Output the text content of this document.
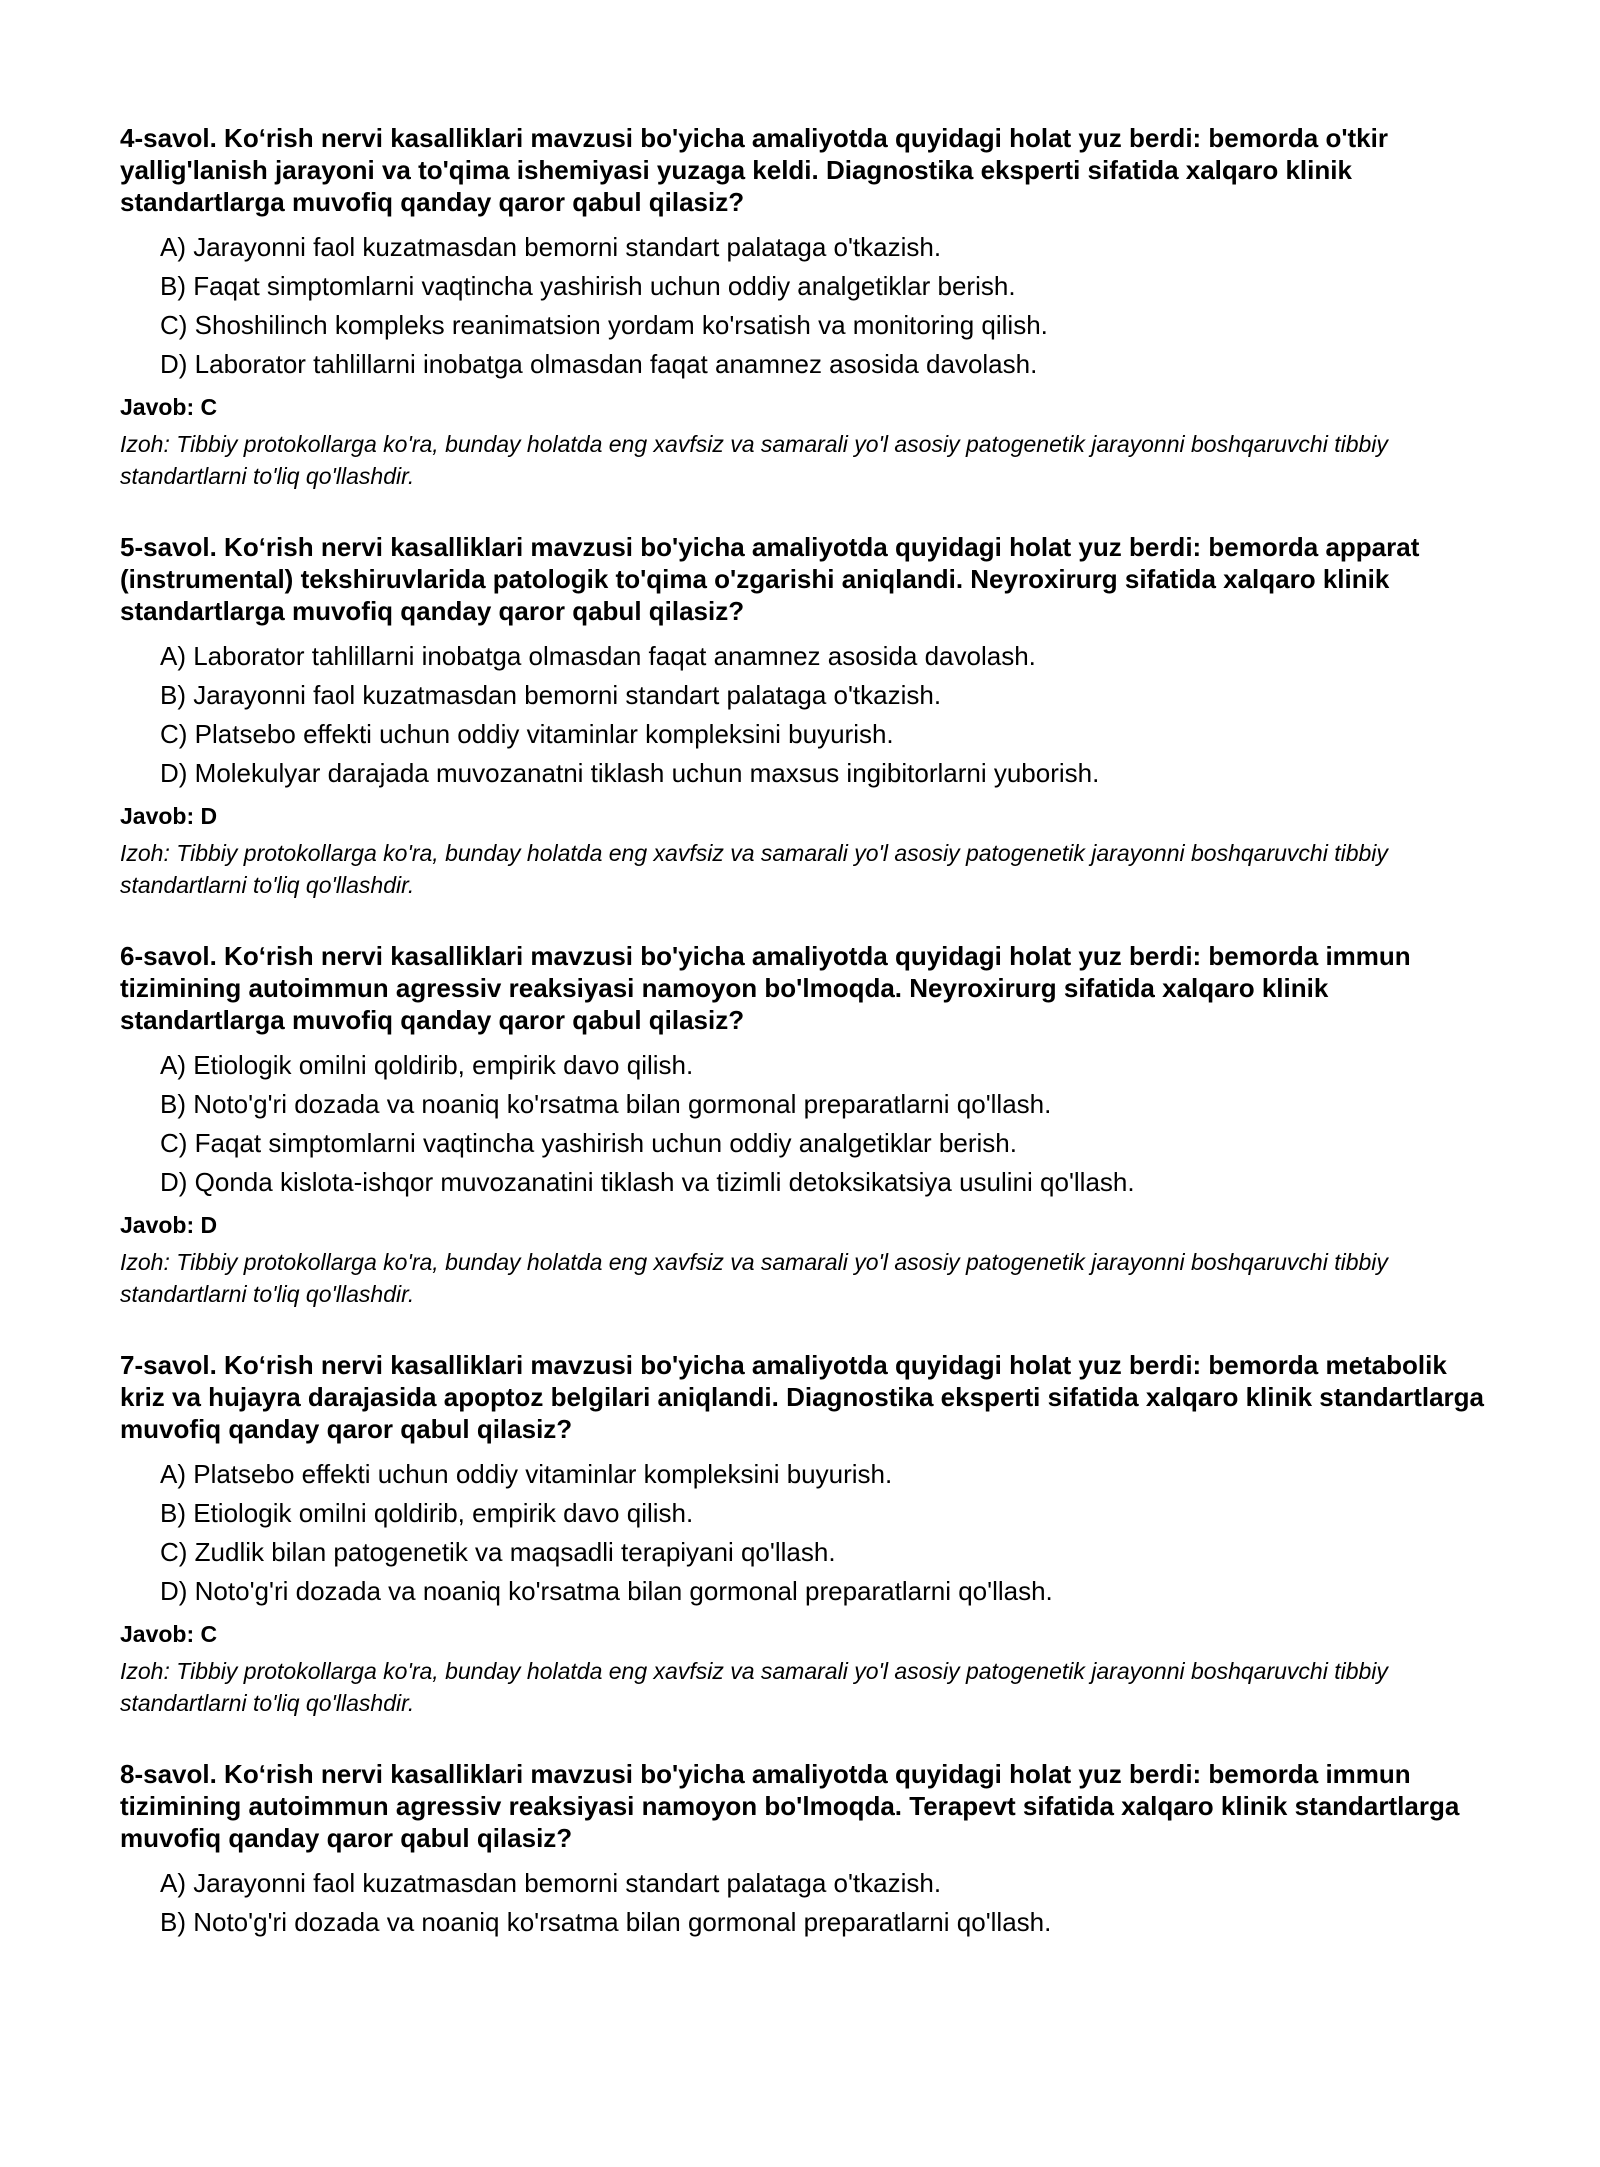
4-savol. Koʻrish nervi kasalliklari mavzusi bo'yicha amaliyotda quyidagi holat yuz berdi: bemorda o'tkir yallig'lanish jarayoni va to'qima ishemiyasi yuzaga keldi. Diagnostika eksperti sifatida xalqaro klinik standartlarga muvofiq qanday qaror qabul qilasiz?

A) Jarayonni faol kuzatmasdan bemorni standart palataga o'tkazish.
B) Faqat simptomlarni vaqtincha yashirish uchun oddiy analgetiklar berish.
C) Shoshilinch kompleks reanimatsion yordam ko'rsatish va monitoring qilish.
D) Laborator tahlillarni inobatga olmasdan faqat anamnez asosida davolash.

Javob: C

Izoh: Tibbiy protokollarga ko'ra, bunday holatda eng xavfsiz va samarali yo'l asosiy patogenetik jarayonni boshqaruvchi tibbiy standartlarni to'liq qo'llashdir.

5-savol. Koʻrish nervi kasalliklari mavzusi bo'yicha amaliyotda quyidagi holat yuz berdi: bemorda apparat (instrumental) tekshiruvlarida patologik to'qima o'zgarishi aniqlandi. Neyroxirurg sifatida xalqaro klinik standartlarga muvofiq qanday qaror qabul qilasiz?

A) Laborator tahlillarni inobatga olmasdan faqat anamnez asosida davolash.
B) Jarayonni faol kuzatmasdan bemorni standart palataga o'tkazish.
C) Platsebo effekti uchun oddiy vitaminlar kompleksini buyurish.
D) Molekulyar darajada muvozanatni tiklash uchun maxsus ingibitorlarni yuborish.

Javob: D

Izoh: Tibbiy protokollarga ko'ra, bunday holatda eng xavfsiz va samarali yo'l asosiy patogenetik jarayonni boshqaruvchi tibbiy standartlarni to'liq qo'llashdir.

6-savol. Koʻrish nervi kasalliklari mavzusi bo'yicha amaliyotda quyidagi holat yuz berdi: bemorda immun tizimining autoimmun agressiv reaksiyasi namoyon bo'lmoqda. Neyroxirurg sifatida xalqaro klinik standartlarga muvofiq qanday qaror qabul qilasiz?

A) Etiologik omilni qoldirib, empirik davo qilish.
B) Noto'g'ri dozada va noaniq ko'rsatma bilan gormonal preparatlarni qo'llash.
C) Faqat simptomlarni vaqtincha yashirish uchun oddiy analgetiklar berish.
D) Qonda kislota-ishqor muvozanatini tiklash va tizimli detoksikatsiya usulini qo'llash.

Javob: D

Izoh: Tibbiy protokollarga ko'ra, bunday holatda eng xavfsiz va samarali yo'l asosiy patogenetik jarayonni boshqaruvchi tibbiy standartlarni to'liq qo'llashdir.

7-savol. Koʻrish nervi kasalliklari mavzusi bo'yicha amaliyotda quyidagi holat yuz berdi: bemorda metabolik kriz va hujayra darajasida apoptoz belgilari aniqlandi. Diagnostika eksperti sifatida xalqaro klinik standartlarga muvofiq qanday qaror qabul qilasiz?

A) Platsebo effekti uchun oddiy vitaminlar kompleksini buyurish.
B) Etiologik omilni qoldirib, empirik davo qilish.
C) Zudlik bilan patogenetik va maqsadli terapiyani qo'llash.
D) Noto'g'ri dozada va noaniq ko'rsatma bilan gormonal preparatlarni qo'llash.

Javob: C

Izoh: Tibbiy protokollarga ko'ra, bunday holatda eng xavfsiz va samarali yo'l asosiy patogenetik jarayonni boshqaruvchi tibbiy standartlarni to'liq qo'llashdir.

8-savol. Koʻrish nervi kasalliklari mavzusi bo'yicha amaliyotda quyidagi holat yuz berdi: bemorda immun tizimining autoimmun agressiv reaksiyasi namoyon bo'lmoqda. Terapevt sifatida xalqaro klinik standartlarga muvofiq qanday qaror qabul qilasiz?

A) Jarayonni faol kuzatmasdan bemorni standart palataga o'tkazish.
B) Noto'g'ri dozada va noaniq ko'rsatma bilan gormonal preparatlarni qo'llash.
